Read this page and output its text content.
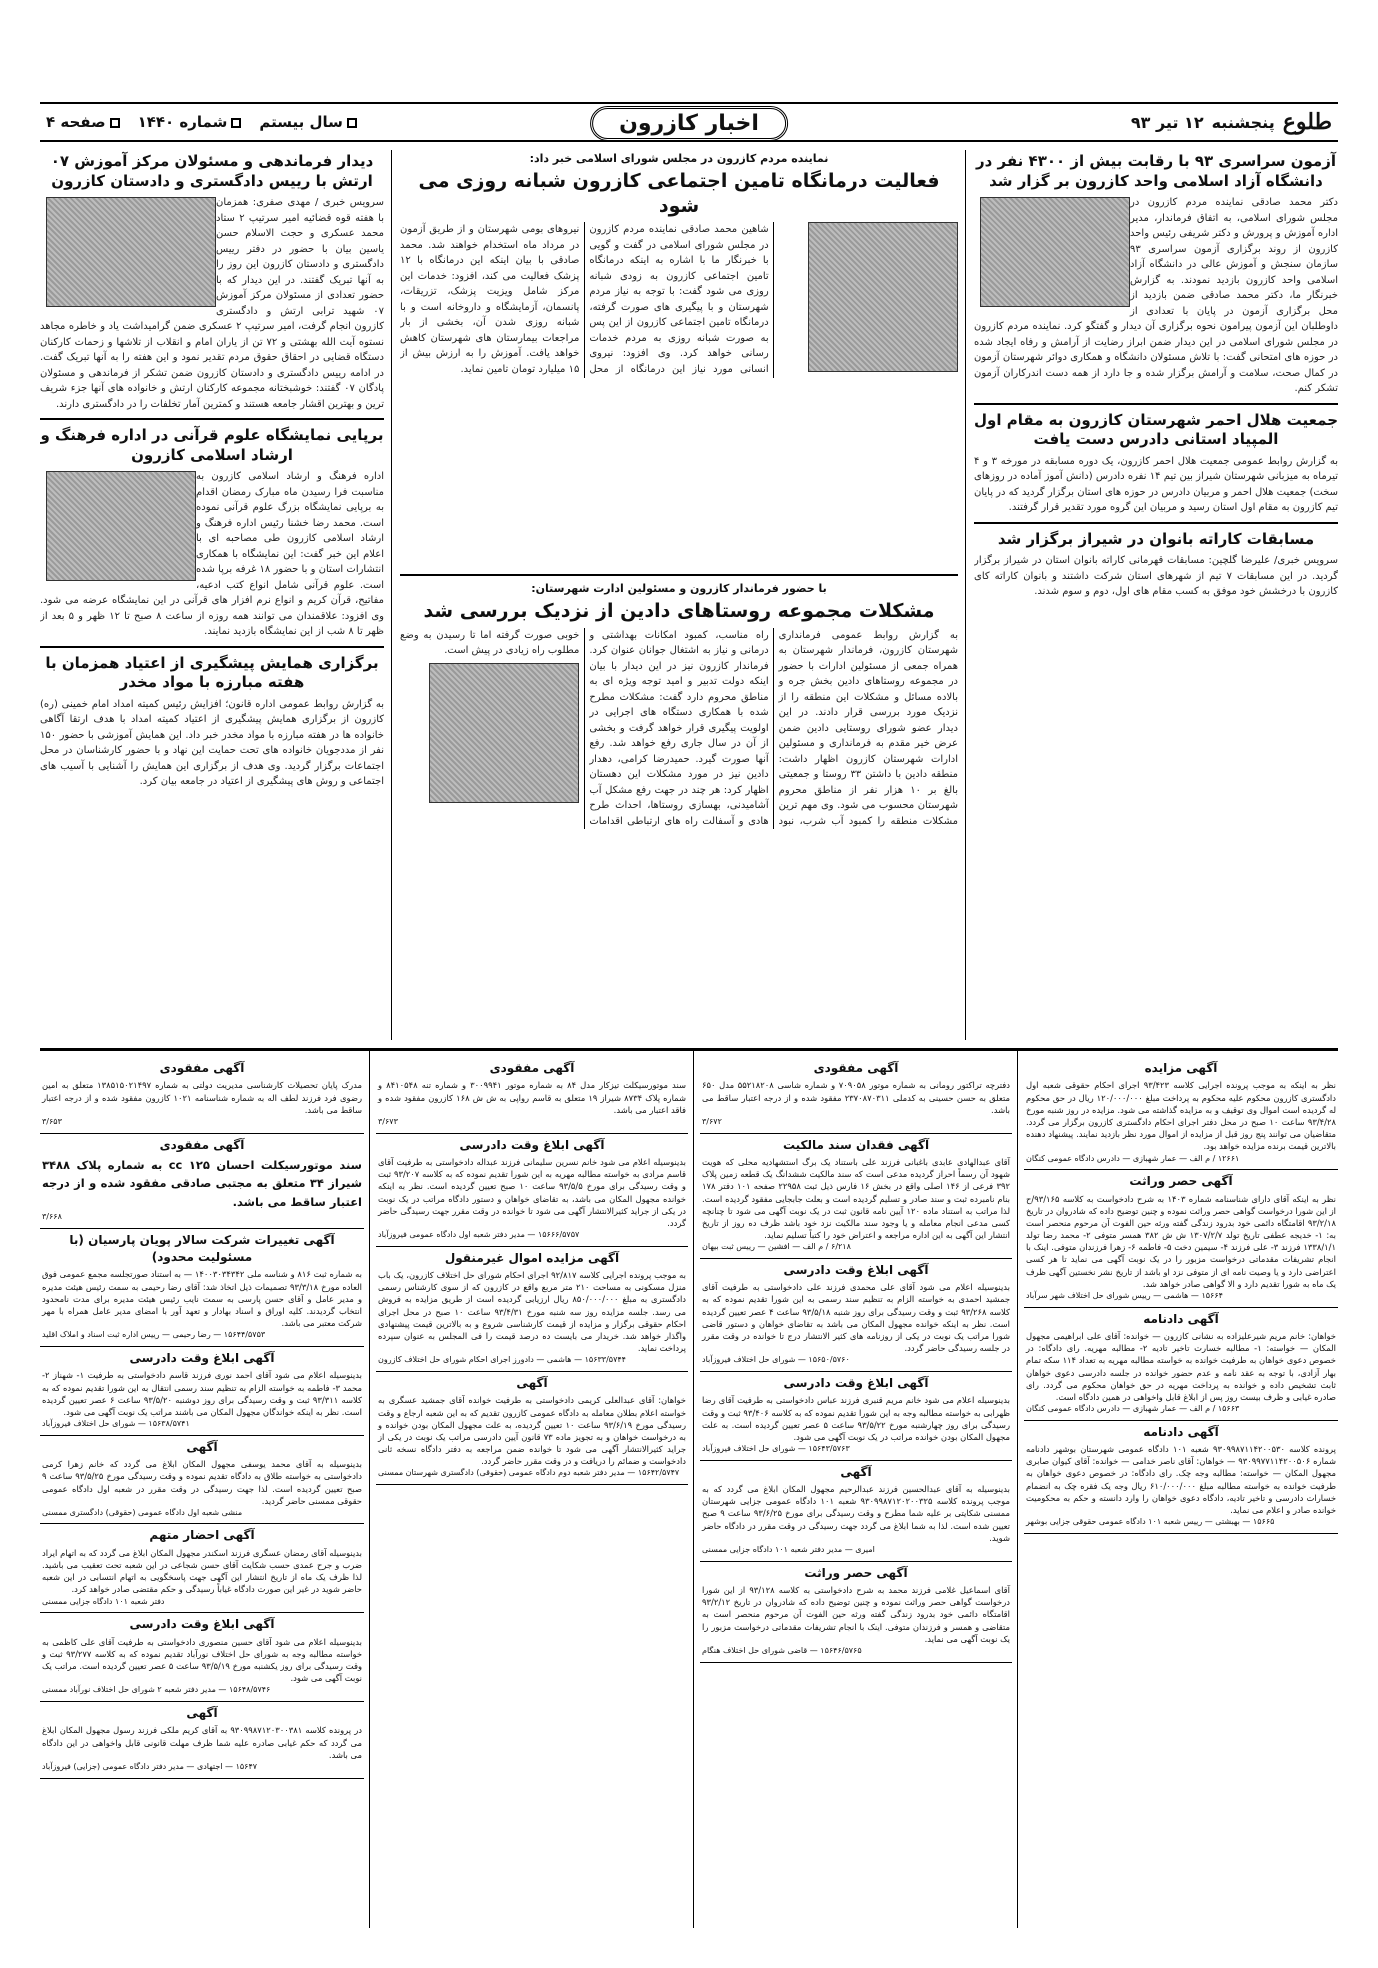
طلوع
پنجشنبه
۱۲ تیر ۹۳
اخبار کازرون
سال بیستم
شماره ۱۴۴۰
صفحه ۴
آزمون سراسری ۹۳ با رقابت بیش از ۴۳۰۰ نفر در دانشگاه آزاد اسلامی واحد کازرون بر گزار شد

دکتر محمد صادقی نماینده مردم کازرون در مجلس شورای اسلامی، به اتفاق فرماندار، مدیر اداره آموزش و پرورش و دکتر شریفی رئیس واحد کازرون از روند برگزاری آزمون سراسری ۹۳ سازمان سنجش و آموزش عالی در دانشگاه آزاد اسلامی واحد کازرون بازدید نمودند. به گزارش خبرنگار ما، دکتر محمد صادقی ضمن بازدید از محل برگزاری آزمون در پایان با تعدادی از داوطلبان این آزمون پیرامون نحوه برگزاری آن دیدار و گفتگو کرد. نماینده مردم کازرون در مجلس شورای اسلامی در این دیدار ضمن ابراز رضایت از آرامش و رفاه ایجاد شده در حوزه های امتحانی گفت: با تلاش مسئولان دانشگاه و همکاری دوائر شهرستان آزمون در کمال صحت، سلامت و آرامش برگزار شده و جا دارد از همه دست اندرکاران آزمون تشکر کنم.

جمعیت هلال احمر شهرستان کازرون به مقام اول المپیاد استانی دادرس دست یافت

به گزارش روابط عمومی جمعیت هلال احمر کازرون، یک دوره مسابقه در مورخه ۳ و ۴ تیرماه به میزبانی شهرستان شیراز بین تیم ۱۴ نفره دادرس (دانش آموز آماده در روزهای سخت) جمعیت هلال احمر و مربیان دادرس در حوزه های استان برگزار گردید که در پایان تیم کازرون به مقام اول استان رسید و مربیان این گروه مورد تقدیر قرار گرفتند.

مسابقات کاراته بانوان در شیراز برگزار شد

سرویس خبری/ علیرضا گلچین: مسابقات قهرمانی کاراته بانوان استان در شیراز برگزار گردید. در این مسابقات ۷ تیم از شهرهای استان شرکت داشتند و بانوان کاراته کای کازرون با درخشش خود موفق به کسب مقام های اول، دوم و سوم شدند.

نماینده مردم کازرون در مجلس شورای اسلامی خبر داد:
فعالیت درمانگاه تامین اجتماعی کازرون شبانه روزی می شود

شاهین محمد صادقی نماینده مردم کازرون در مجلس شورای اسلامی در گفت و گویی با خبرنگار ما با اشاره به اینکه درمانگاه تامین اجتماعی کازرون به زودی شبانه روزی می شود گفت: با توجه به نیاز مردم شهرستان و با پیگیری های صورت گرفته، درمانگاه تامین اجتماعی کازرون از این پس به صورت شبانه روزی به مردم خدمات رسانی خواهد کرد. وی افزود: نیروی انسانی مورد نیاز این درمانگاه از محل نیروهای بومی شهرستان و از طریق آزمون در مرداد ماه استخدام خواهند شد. محمد صادقی با بیان اینکه این درمانگاه با ۱۲ پزشک فعالیت می کند، افزود: خدمات این مرکز شامل ویزیت پزشک، تزریقات، پانسمان، آزمایشگاه و داروخانه است و با شبانه روزی شدن آن، بخشی از بار مراجعات بیمارستان های شهرستان کاهش خواهد یافت. آموزش را به ارزش بیش از ۱۵ میلیارد تومان تامین نماید.

با حضور فرماندار کازرون و مسئولین ادارت شهرستان:
مشکلات مجموعه روستاهای دادین از نزدیک بررسی شد

به گزارش روابط عمومی فرمانداری شهرستان کازرون، فرماندار شهرستان به همراه جمعی از مسئولین ادارات با حضور در مجموعه روستاهای دادین بخش جره و بالاده مسائل و مشکلات این منطقه را از نزدیک مورد بررسی قرار دادند. در این دیدار عضو شورای روستایی دادین ضمن عرض خیر مقدم به فرمانداری و مسئولین ادارات شهرستان کازرون اظهار داشت: منطقه دادین با داشتن ۳۳ روستا و جمعیتی بالغ بر ۱۰ هزار نفر از مناطق محروم شهرستان محسوب می شود. وی مهم ترین مشکلات منطقه را کمبود آب شرب، نبود راه مناسب، کمبود امکانات بهداشتی و درمانی و نیاز به اشتغال جوانان عنوان کرد. فرماندار کازرون نیز در این دیدار با بیان اینکه دولت تدبیر و امید توجه ویژه ای به مناطق محروم دارد گفت: مشکلات مطرح شده با همکاری دستگاه های اجرایی در اولویت پیگیری قرار خواهد گرفت و بخشی از آن در سال جاری رفع خواهد شد. رفع آنها صورت گیرد. حمیدرضا کرامی، دهدار دادین نیز در مورد مشکلات این دهستان اظهار کرد: هر چند در جهت رفع مشکل آب آشامیدنی، بهسازی روستاها، احداث طرح هادی و آسفالت راه های ارتباطی اقدامات خوبی صورت گرفته اما تا رسیدن به وضع مطلوب راه زیادی در پیش است.

دیدار فرماندهی و مسئولان مرکز آموزش ۰۷ ارتش با رییس دادگستری و دادستان کازرون

سرویس خبری / مهدی صفری: همزمان با هفته قوه قضائیه امیر سرتیپ ۲ ستاد محمد عسکری و حجت الاسلام حسن یاسین بیان با حضور در دفتر رییس دادگستری و دادستان کازرون این روز را به آنها تبریک گفتند. در این دیدار که با حضور تعدادی از مسئولان مرکز آموزش ۰۷ شهید ترابی ارتش و دادگستری کازرون انجام گرفت، امیر سرتیپ ۲ عسکری ضمن گرامیداشت یاد و خاطره مجاهد نستوه آیت الله بهشتی و ۷۲ تن از یاران امام و انقلاب از تلاشها و زحمات کارکنان دستگاه قضایی در احقاق حقوق مردم تقدیر نمود و این هفته را به آنها تبریک گفت. در ادامه رییس دادگستری و دادستان کازرون ضمن تشکر از فرماندهی و مسئولان پادگان ۰۷ گفتند: خوشبختانه مجموعه کارکنان ارتش و خانواده های آنها جزء شریف ترین و بهترین اقشار جامعه هستند و کمترین آمار تخلفات را در دادگستری دارند.

برپایی نمایشگاه علوم قرآنی در اداره فرهنگ و ارشاد اسلامی کازرون

اداره فرهنگ و ارشاد اسلامی کازرون به مناسبت فرا رسیدن ماه مبارک رمضان اقدام به برپایی نمایشگاه بزرگ علوم قرآنی نموده است. محمد رضا خشنا رئیس اداره فرهنگ و ارشاد اسلامی کازرون طی مصاحبه ای با اعلام این خبر گفت: این نمایشگاه با همکاری انتشارات استان و با حضور ۱۸ غرفه برپا شده است. علوم قرآنی شامل انواع کتب ادعیه، مفاتیح، قرآن کریم و انواع نرم افزار های قرآنی در این نمایشگاه عرضه می شود. وی افزود: علاقمندان می توانند همه روزه از ساعت ۸ صبح تا ۱۲ ظهر و ۵ بعد از ظهر تا ۸ شب از این نمایشگاه بازدید نمایند.

برگزاری همایش پیشگیری از اعتیاد همزمان با هفته مبارزه با مواد مخدر

به گزارش روابط عمومی اداره قانون؛ افزایش رئیس کمیته امداد امام خمینی (ره) کازرون از برگزاری همایش پیشگیری از اعتیاد کمیته امداد با هدف ارتقا آگاهی خانواده ها در هفته مبارزه با مواد مخدر خبر داد. این همایش آموزشی با حضور ۱۵۰ نفر از مددجویان خانواده های تحت حمایت این نهاد و با حضور کارشناسان در محل اجتماعات برگزار گردید. وی هدف از برگزاری این همایش را آشنایی با آسیب های اجتماعی و روش های پیشگیری از اعتیاد در جامعه بیان کرد.

آگهی مزایده
نظر به اینکه به موجب پرونده اجرایی کلاسه ۹۳/۴۲۳ اجرای احکام حقوقی شعبه اول دادگستری کازرون محکوم علیه محکوم به پرداخت مبلغ ۱۲۰/۰۰۰/۰۰۰ ریال در حق محکوم له گردیده است اموال وی توقیف و به مزایده گذاشته می شود. مزایده در روز شنبه مورخ ۹۳/۴/۲۸ ساعت ۱۰ صبح در محل دفتر اجرای احکام دادگستری کازرون برگزار می گردد. متقاضیان می توانند پنج روز قبل از مزایده از اموال مورد نظر بازدید نمایند. پیشنهاد دهنده بالاترین قیمت برنده مزایده خواهد بود.
۱۲۶۶۱ / م الف — عمار شهبازی — دادرس دادگاه عمومی کنگان
آگهی حصر وراثت
نظر به اینکه آقای دارای شناسنامه شماره ۱۴۰۳ به شرح دادخواست به کلاسه ۹۳/۱۶۵/ح از این شورا درخواست گواهی حصر وراثت نموده و چنین توضیح داده که شادروان در تاریخ ۹۳/۲/۱۸ اقامتگاه دائمی خود بدرود زندگی گفته ورثه حین الفوت آن مرحوم منحصر است به: ۱- خدیجه عطفی تاریخ تولد ۱۳۰۷/۲/۷ ش ش ۳۸۲ همسر متوفی ۲- محمد رضا تولد ۱۳۳۸/۱/۱ فرزند ۳- علی فرزند ۴- سیمین دخت ۵- فاطمه ۶- زهرا فرزندان متوفی. اینک با انجام تشریفات مقدماتی درخواست مزبور را در یک نوبت آگهی می نماید تا هر کسی اعتراضی دارد و یا وصیت نامه ای از متوفی نزد او باشد از تاریخ نشر نخستین آگهی ظرف یک ماه به شورا تقدیم دارد و الا گواهی صادر خواهد شد.
۱۵۶۶۴ — هاشمی — رییس شورای حل اختلاف شهر سرآباد
آگهی دادنامه
خواهان: خانم مریم شیرعلیزاده به نشانی کازرون — خوانده: آقای علی ابراهیمی مجهول المکان — خواسته: ۱- مطالبه خسارت تاخیر تادیه ۲- مطالبه مهریه. رای دادگاه: در خصوص دعوی خواهان به طرفیت خوانده به خواسته مطالبه مهریه به تعداد ۱۱۴ سکه تمام بهار آزادی، با توجه به عقد نامه و عدم حضور خوانده در جلسه دادرسی دعوی خواهان ثابت تشخیص داده و خوانده به پرداخت مهریه در حق خواهان محکوم می گردد. رای صادره غیابی و ظرف بیست روز پس از ابلاغ قابل واخواهی در همین دادگاه است.
۱۵۶۶۳ / م الف — عمار شهبازی — دادرس دادگاه عمومی کنگان
آگهی دادنامه
پرونده کلاسه ۹۳۰۹۹۸۷۱۱۴۲۰۰۵۳۰ شعبه ۱۰۱ دادگاه عمومی شهرستان بوشهر دادنامه شماره ۹۳۰۹۹۷۷۱۱۴۲۰۰۵۰۶ — خواهان: آقای ناصر خدامی — خوانده: آقای کیوان صابری مجهول المکان — خواسته: مطالبه وجه چک. رای دادگاه: در خصوص دعوی خواهان به طرفیت خوانده به خواسته مطالبه مبلغ ۶۱۰/۰۰۰/۰۰۰ ریال وجه یک فقره چک به انضمام خسارات دادرسی و تاخیر تادیه، دادگاه دعوی خواهان را وارد دانسته و حکم به محکومیت خوانده صادر و اعلام می نماید.
۱۵۶۶۵ — بهبشتی — رییس شعبه ۱۰۱ دادگاه عمومی حقوقی جزایی بوشهر
آگهی مفقودی
دفترچه تراکتور رومانی به شماره موتور ۷۰۹۰۵۸ و شماره شاسی ۵۵۲۱۸۲۰۸ مدل ۶۵۰ متعلق به حسن حسینی به کدملی ۲۳۷۰۸۷۰۳۱۱ مفقود شده و از درجه اعتبار ساقط می باشد.
۳/۶۷۲
آگهی فقدان سند مالکیت
آقای عبدالهادی عابدی باغبانی فرزند علی باستناد یک برگ استشهادیه محلی که هویت شهود آن رسماً احراز گردیده مدعی است که سند مالکیت ششدانگ یک قطعه زمین پلاک ۳۹۲ فرعی از ۱۴۶ اصلی واقع در بخش ۱۶ فارس ذیل ثبت ۲۲۹۵۸ صفحه ۱۰۱ دفتر ۱۷۸ بنام نامبرده ثبت و سند صادر و تسلیم گردیده است و بعلت جابجایی مفقود گردیده است. لذا مراتب به استناد ماده ۱۲۰ آیین نامه قانون ثبت در یک نوبت آگهی می شود تا چنانچه کسی مدعی انجام معامله و یا وجود سند مالکیت نزد خود باشد ظرف ده روز از تاریخ انتشار این آگهی به این اداره مراجعه و اعتراض خود را کتباً تسلیم نماید.
۶/۲۱۸ / م الف — افشین — رییس ثبت بیهان
آگهی ابلاغ وقت دادرسی
بدینوسیله اعلام می شود آقای علی محمدی فرزند علی دادخواستی به طرفیت آقای جمشید احمدی به خواسته الزام به تنظیم سند رسمی به این شورا تقدیم نموده که به کلاسه ۹۳/۲۶۸ ثبت و وقت رسیدگی برای روز شنبه ۹۳/۵/۱۸ ساعت ۴ عصر تعیین گردیده است. نظر به اینکه خوانده مجهول المکان می باشد به تقاضای خواهان و دستور قاضی شورا مراتب یک نوبت در یکی از روزنامه های کثیر الانتشار درج تا خوانده در وقت مقرر در جلسه رسیدگی حاضر گردد.
۱۵۶۵۰/۵۷۶۰ — شورای حل اختلاف فیروزآباد
آگهی ابلاغ وقت دادرسی
بدینوسیله اعلام می شود خانم مریم قنبری فرزند عباس دادخواستی به طرفیت آقای رضا ظهرابی به خواسته مطالبه وجه به این شورا تقدیم نموده که به کلاسه ۹۳/۴۰۶ ثبت و وقت رسیدگی برای روز چهارشنبه مورخ ۹۳/۵/۲۲ ساعت ۵ عصر تعیین گردیده است. به علت مجهول المکان بودن خوانده مراتب در یک نوبت آگهی می شود.
۱۵۶۴۳/۵۷۶۳ — شورای حل اختلاف فیروزآباد
آگهی
بدینوسیله به آقای عبدالحسین فرزند عبدالرحیم مجهول المکان ابلاغ می گردد که به موجب پرونده کلاسه ۹۳۰۹۹۸۷۱۲۰۲۰۰۳۲۵ شعبه ۱۰۱ دادگاه عمومی جزایی شهرستان ممسنی شکایتی بر علیه شما مطرح و وقت رسیدگی برای مورخ ۹۳/۶/۲۵ ساعت ۹ صبح تعیین شده است. لذا به شما ابلاغ می گردد جهت رسیدگی در وقت مقرر در دادگاه حاضر شوید.
امیری — مدیر دفتر شعبه ۱۰۱ دادگاه جزایی ممسنی
آگهی حصر وراثت
آقای اسماعیل غلامی فرزند محمد به شرح دادخواستی به کلاسه ۹۳/۱۲۸ از این شورا درخواست گواهی حصر وراثت نموده و چنین توضیح داده که شادروان در تاریخ ۹۳/۲/۱۲ اقامتگاه دائمی خود بدرود زندگی گفته ورثه حین الفوت آن مرحوم منحصر است به متقاضی و همسر و فرزندان متوفی. اینک با انجام تشریفات مقدماتی درخواست مزبور را یک نوبت آگهی می نماید.
۱۵۶۴۶/۵۷۶۵ — قاضی شورای حل اختلاف هنگام
آگهی مفقودی
سند موتورسیکلت تیزکار مدل ۸۴ به شماره موتور ۳۰۰۹۹۴۱ و شماره تنه ۸۴۱۰۵۴۸ و شماره پلاک ۸۷۳۴ شیراز ۱۹ متعلق به قاسم رواپی به ش ش ۱۶۸ کازرون مفقود شده و فاقد اعتبار می باشد.
۳/۶۷۳
آگهی ابلاغ وقت دادرسی
بدینوسیله اعلام می شود خانم نسرین سلیمانی فرزند عبداله دادخواستی به طرفیت آقای قاسم مرادی به خواسته مطالبه مهریه به این شورا تقدیم نموده که به کلاسه ۹۳/۲۰۷ ثبت و وقت رسیدگی برای مورخ ۹۳/۵/۵ ساعت ۱۰ صبح تعیین گردیده است. نظر به اینکه خوانده مجهول المکان می باشد، به تقاضای خواهان و دستور دادگاه مراتب در یک نوبت در یکی از جراید کثیرالانتشار آگهی می شود تا خوانده در وقت مقرر جهت رسیدگی حاضر گردد.
۱۵۶۶۶/۵۷۵۷ — مدیر دفتر شعبه اول دادگاه عمومی فیروزآباد
آگهی مزایده اموال غیرمنقول
به موجب پرونده اجرایی کلاسه ۹۲/۸۱۷ اجرای احکام شورای حل اختلاف کازرون، یک باب منزل مسکونی به مساحت ۲۱۰ متر مربع واقع در کازرون که از سوی کارشناس رسمی دادگستری به مبلغ ۸۵۰/۰۰۰/۰۰۰ ریال ارزیابی گردیده است از طریق مزایده به فروش می رسد. جلسه مزایده روز سه شنبه مورخ ۹۳/۴/۳۱ ساعت ۱۰ صبح در محل اجرای احکام حقوقی برگزار و مزایده از قیمت کارشناسی شروع و به بالاترین قیمت پیشنهادی واگذار خواهد شد. خریدار می بایست ده درصد قیمت را فی المجلس به عنوان سپرده پرداخت نماید.
۱۵۶۳۳/۵۷۴۴ — هاشمی — دادورز اجرای احکام شورای حل اختلاف کازرون
آگهی
خواهان: آقای عبدالعلی کریمی دادخواستی به طرفیت خوانده آقای جمشید عسگری به خواسته اعلام بطلان معامله به دادگاه عمومی کازرون تقدیم که به این شعبه ارجاع و وقت رسیدگی مورخ ۹۳/۶/۱۹ ساعت ۱۰ تعیین گردیده، به علت مجهول المکان بودن خوانده و به درخواست خواهان و به تجویز ماده ۷۳ قانون آیین دادرسی مراتب یک نوبت در یکی از جراید کثیرالانتشار آگهی می شود تا خوانده ضمن مراجعه به دفتر دادگاه نسخه ثانی دادخواست و ضمائم را دریافت و در وقت مقرر حاضر گردد.
۱۵۶۴۲/۵۷۴۷ — مدیر دفتر شعبه دوم دادگاه عمومی (حقوقی) دادگستری شهرستان ممسنی
آگهی مفقودی
مدرک پایان تحصیلات کارشناسی مدیریت دولتی به شماره ۱۳۸۵۱۵۰۲۱۴۹۷ متعلق به امین رضوی فرد فرزند لطف اله به شماره شناسنامه ۱۰۲۱ کازرون مفقود شده و از درجه اعتبار ساقط می باشد.
۳/۶۵۳
آگهی مفقودی
سند موتورسیکلت احسان ۱۲۵ cc به شماره پلاک ۳۴۸۸ شیراز ۳۴ متعلق به مجتبی صادقی مفقود شده و از درجه اعتبار ساقط می باشد.
۳/۶۶۸
آگهی تغییرات شرکت سالار پویان پارسیان (با مسئولیت محدود)
به شماره ثبت ۸۱۶ و شناسه ملی ۱۴۰۰۳۰۳۴۳۴۲ — به استناد صورتجلسه مجمع عمومی فوق العاده مورخ ۹۳/۳/۱۸ تصمیمات ذیل اتخاذ شد: آقای رضا رحیمی به سمت رئیس هیئت مدیره و مدیر عامل و آقای حسن پارسی به سمت نایب رئیس هیئت مدیره برای مدت نامحدود انتخاب گردیدند. کلیه اوراق و اسناد بهادار و تعهد آور با امضای مدیر عامل همراه با مهر شرکت معتبر می باشد.
۱۵۶۴۴/۵۷۵۳ — رضا رحیمی — رییس اداره ثبت اسناد و املاک اقلید
آگهی ابلاغ وقت دادرسی
بدینوسیله اعلام می شود آقای احمد نوری فرزند قاسم دادخواستی به طرفیت ۱- شهناز ۲- محمد ۳- فاطمه به خواسته الزام به تنظیم سند رسمی انتقال به این شورا تقدیم نموده که به کلاسه ۹۳/۳۱۱ ثبت و وقت رسیدگی برای روز دوشنبه ۹۳/۵/۲۰ ساعت ۶ عصر تعیین گردیده است. نظر به اینکه خواندگان مجهول المکان می باشند مراتب یک نوبت آگهی می شود.
۱۵۶۳۸/۵۷۴۱ — شورای حل اختلاف فیروزآباد
آگهی
بدینوسیله به آقای محمد یوسفی مجهول المکان ابلاغ می گردد که خانم زهرا کرمی دادخواستی به خواسته طلاق به دادگاه تقدیم نموده و وقت رسیدگی مورخ ۹۳/۵/۲۵ ساعت ۹ صبح تعیین گردیده است. لذا جهت رسیدگی در وقت مقرر در شعبه اول دادگاه عمومی حقوقی ممسنی حاضر گردید.
منشی شعبه اول دادگاه عمومی (حقوقی) دادگستری ممسنی
آگهی احضار متهم
بدینوسیله آقای رمضان عسگری فرزند اسکندر مجهول المکان ابلاغ می گردد که به اتهام ایراد ضرب و جرح عمدی حسب شکایت آقای حسن شجاعی در این شعبه تحت تعقیب می باشید. لذا ظرف یک ماه از تاریخ انتشار این آگهی جهت پاسخگویی به اتهام انتسابی در این شعبه حاضر شوید در غیر این صورت دادگاه غیاباً رسیدگی و حکم مقتضی صادر خواهد کرد.
دفتر شعبه ۱۰۱ دادگاه جزایی ممسنی
آگهی ابلاغ وقت دادرسی
بدینوسیله اعلام می شود آقای حسین منصوری دادخواستی به طرفیت آقای علی کاظمی به خواسته مطالبه وجه به شورای حل اختلاف نورآباد تقدیم نموده که به کلاسه ۹۳/۲۷۷ ثبت و وقت رسیدگی برای روز یکشنبه مورخ ۹۳/۵/۱۹ ساعت ۵ عصر تعیین گردیده است. مراتب یک نوبت آگهی می شود.
۱۵۶۴۸/۵۷۴۶ — مدیر دفتر شعبه ۲ شورای حل اختلاف نورآباد ممسنی
آگهی
در پرونده کلاسه ۹۳۰۹۹۸۷۱۲۰۳۰۰۳۸۱ به آقای کریم ملکی فرزند رسول مجهول المکان ابلاغ می گردد که حکم غیابی صادره علیه شما ظرف مهلت قانونی قابل واخواهی در این دادگاه می باشد.
۱۵۶۴۷ — اجتهادی — مدیر دفتر دادگاه عمومی (جزایی) فیروزآباد
